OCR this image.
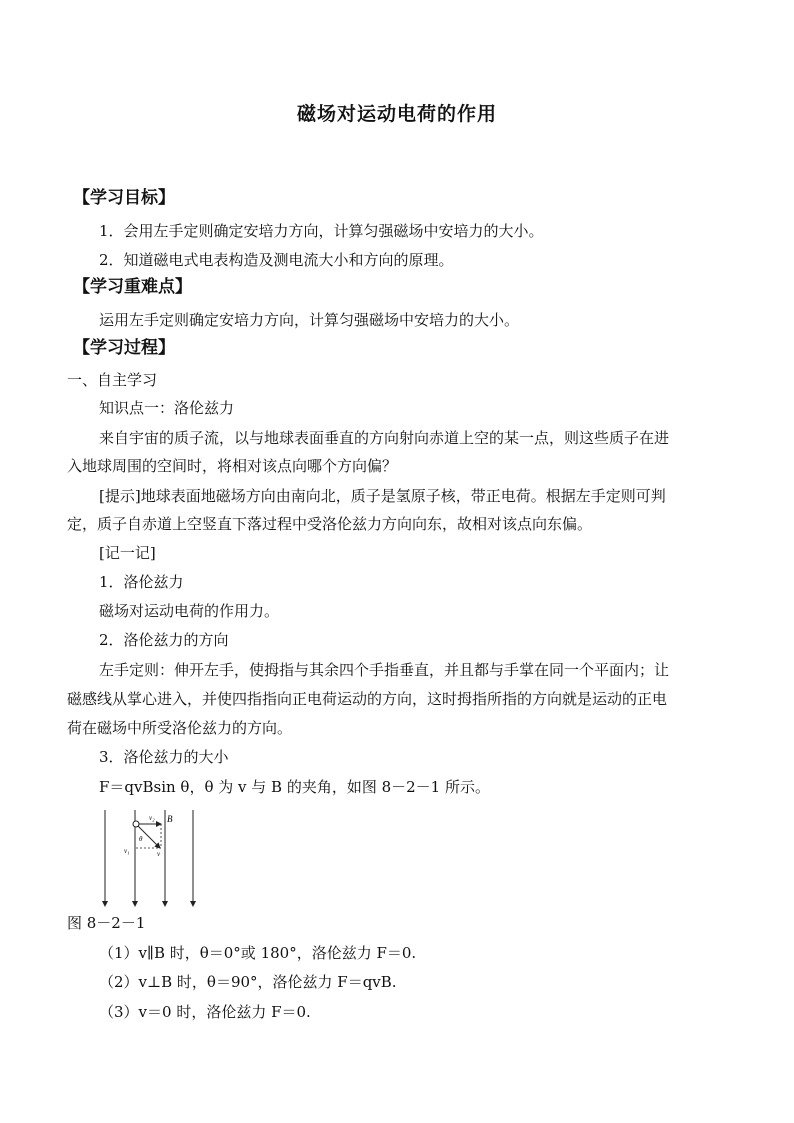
磁场对运动电荷的作用
【学习目标】
1．会用左手定则确定安培力方向，计算匀强磁场中安培力的大小。
2．知道磁电式电表构造及测电流大小和方向的原理。
【学习重难点】
运用左手定则确定安培力方向，计算匀强磁场中安培力的大小。
【学习过程】
一、自主学习
知识点一：洛伦兹力
来自宇宙的质子流，以与地球表面垂直的方向射向赤道上空的某一点，则这些质子在进
入地球周围的空间时，将相对该点向哪个方向偏？
[提示]地球表面地磁场方向由南向北，质子是氢原子核，带正电荷。根据左手定则可判
定，质子自赤道上空竖直下落过程中受洛伦兹力方向向东，故相对该点向东偏。
[记一记]
1．洛伦兹力
磁场对运动电荷的作用力。
2．洛伦兹力的方向
左手定则：伸开左手，使拇指与其余四个手指垂直，并且都与手掌在同一个平面内；让
磁感线从掌心进入，并使四指指向正电荷运动的方向，这时拇指所指的方向就是运动的正电
荷在磁场中所受洛伦兹力的方向。
3．洛伦兹力的大小
F＝qvBsin θ，θ 为 v 与 B 的夹角，如图 8－2－1 所示。
B
v₂
θ
v₁	v
图 8－2－1
（1）v∥B 时，θ＝0°或 180°，洛伦兹力 F＝0.
（2）v⊥B 时，θ＝90°，洛伦兹力 F＝qvB.
（3）v＝0 时，洛伦兹力 F＝0.
